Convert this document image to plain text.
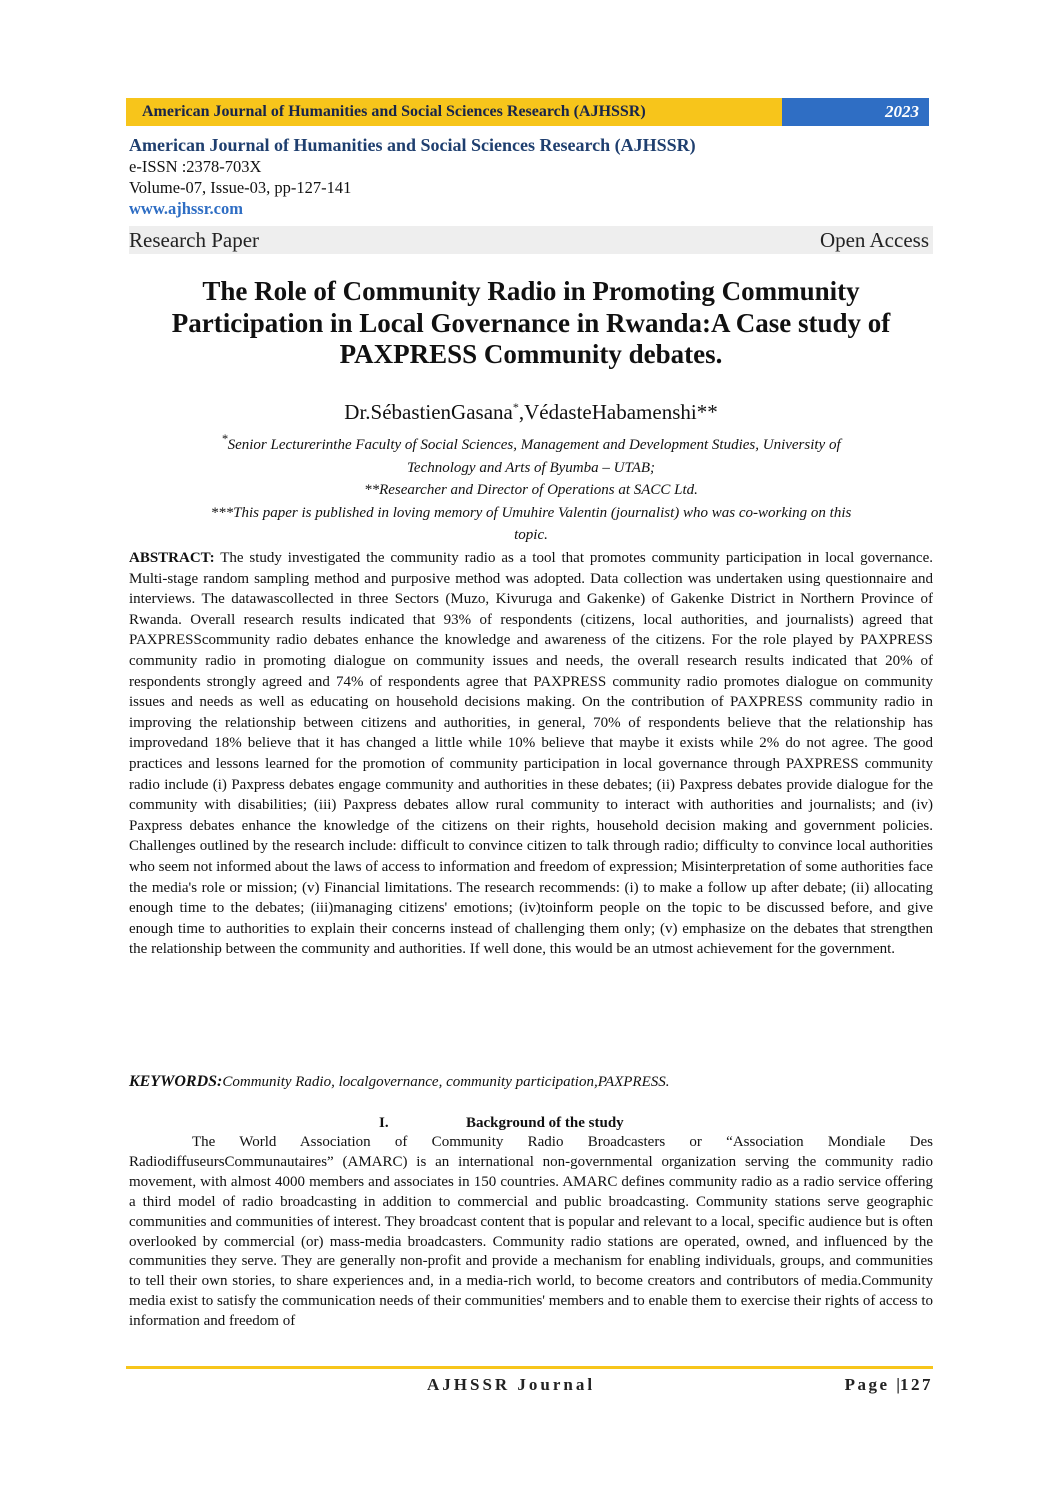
American Journal of Humanities and Social Sciences Research (AJHSSR)	2023

American Journal of Humanities and Social Sciences Research (AJHSSR)

e-ISSN :2378-703X

Volume-07, Issue-03, pp-127-141

www.ajhssr.com

Research Paper	Open Access
The Role of Community Radio in Promoting Community
Participation in Local Governance in Rwanda:A Case study of
PAXPRESS Community debates.
Dr.SébastienGasana*,VédasteHabamenshi**
*Senior Lecturerinthe Faculty of Social Sciences, Management and Development Studies, University of
Technology and Arts of Byumba – UTAB;
**Researcher and Director of Operations at SACC Ltd.
***This paper is published in loving memory of Umuhire Valentin (journalist) who was co-working on this
topic.

ABSTRACT: The study investigated the community radio as a tool that promotes community participation in local governance. Multi-stage random sampling method and purposive method was adopted. Data collection was undertaken using questionnaire and interviews. The datawascollected in three Sectors (Muzo, Kivuruga and Gakenke) of Gakenke District in Northern Province of Rwanda. Overall research results indicated that 93% of respondents (citizens, local authorities, and journalists) agreed that PAXPRESScommunity radio debates enhance the knowledge and awareness of the citizens. For the role played by PAXPRESS community radio in promoting dialogue on community issues and needs, the overall research results indicated that 20% of respondents strongly agreed and 74% of respondents agree that PAXPRESS community radio promotes dialogue on community issues and needs as well as educating on household decisions making. On the contribution of PAXPRESS community radio in improving the relationship between citizens and authorities, in general, 70% of respondents believe that the relationship has improvedand 18% believe that it has changed a little while 10% believe that maybe it exists while 2% do not agree. The good practices and lessons learned for the promotion of community participation in local governance through PAXPRESS community radio include (i) Paxpress debates engage community and authorities in these debates; (ii) Paxpress debates provide dialogue for the community with disabilities; (iii) Paxpress debates allow rural community to interact with authorities and journalists; and (iv) Paxpress debates enhance the knowledge of the citizens on their rights, household decision making and government policies. Challenges outlined by the research include: difficult to convince citizen to talk through radio; difficulty to convince local authorities who seem not informed about the laws of access to information and freedom of expression; Misinterpretation of some authorities face the media's role or mission; (v) Financial limitations. The research recommends: (i) to make a follow up after debate; (ii) allocating enough time to the debates; (iii)managing citizens' emotions; (iv)toinform people on the topic to be discussed before, and give enough time to authorities to explain their concerns instead of challenging them only; (v) emphasize on the debates that strengthen the relationship between the community and authorities. If well done, this would be an utmost achievement for the government.

KEYWORDS:Community Radio, localgovernance, community participation,PAXPRESS.
I.	Background of the study

The World Association of Community Radio Broadcasters or “Association Mondiale Des RadiodiffuseursCommunautaires” (AMARC) is an international non-governmental organization serving the community radio movement, with almost 4000 members and associates in 150 countries. AMARC defines community radio as a radio service offering a third model of radio broadcasting in addition to commercial and public broadcasting. Community stations serve geographic communities and communities of interest. They broadcast content that is popular and relevant to a local, specific audience but is often overlooked by commercial (or) mass-media broadcasters. Community radio stations are operated, owned, and influenced by the communities they serve. They are generally non-profit and provide a mechanism for enabling individuals, groups, and communities to tell their own stories, to share experiences and, in a media-rich world, to become creators and contributors of media.Community media exist to satisfy the communication needs of their communities' members and to enable them to exercise their rights of access to information and freedom of

AJHSSR Journal	Page |127
